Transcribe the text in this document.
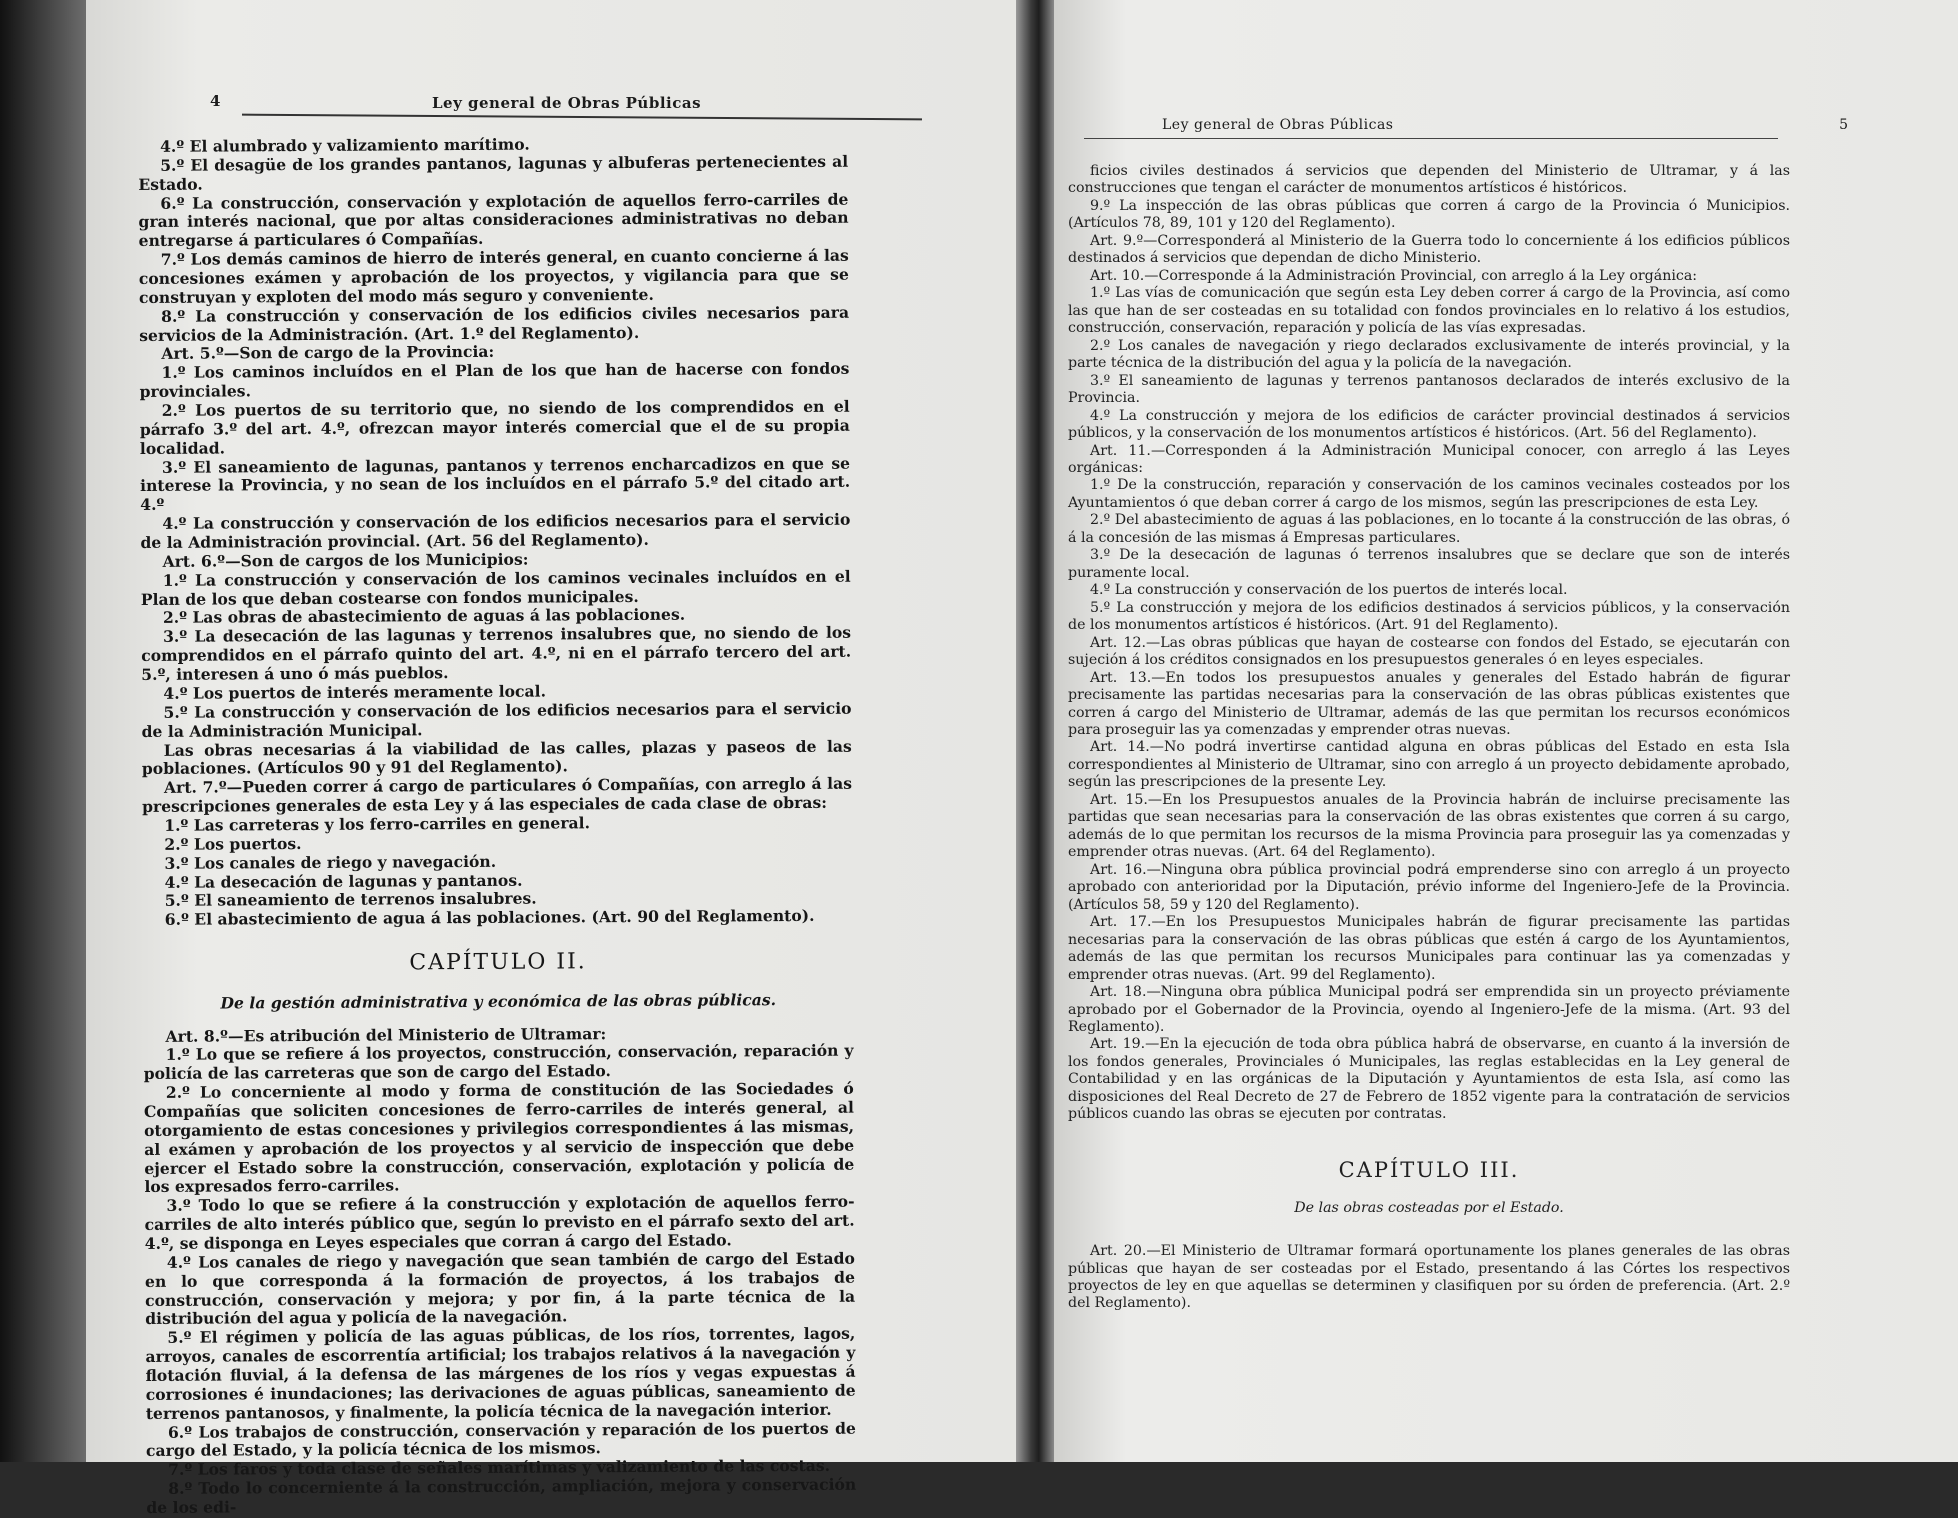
4	Ley general de Obras Públicas

4.º El alumbrado y valizamiento marítimo.

5.º El desagüe de los grandes pantanos, lagunas y albuferas pertenecientes al Estado.

6.º La construcción, conservación y explotación de aquellos ferro-carriles de gran interés nacional, que por altas consideraciones administrativas no deban entregarse á particulares ó Compañías.

7.º Los demás caminos de hierro de interés general, en cuanto concierne á las concesiones exámen y aprobación de los proyectos, y vigilancia para que se construyan y exploten del modo más seguro y conveniente.

8.º La construcción y conservación de los edificios civiles necesarios para servicios de la Administración. (Art. 1.º del Reglamento).

Art. 5.º—Son de cargo de la Provincia:

1.º Los caminos incluídos en el Plan de los que han de hacerse con fondos provinciales.

2.º Los puertos de su territorio que, no siendo de los comprendidos en el párrafo 3.º del art. 4.º, ofrezcan mayor interés comercial que el de su propia localidad.

3.º El saneamiento de lagunas, pantanos y terrenos encharcadizos en que se interese la Provincia, y no sean de los incluídos en el párrafo 5.º del citado art. 4.º

4.º La construcción y conservación de los edificios necesarios para el servicio de la Administración provincial. (Art. 56 del Reglamento).

Art. 6.º—Son de cargos de los Municipios:

1.º La construcción y conservación de los caminos vecinales incluídos en el Plan de los que deban costearse con fondos municipales.

2.º Las obras de abastecimiento de aguas á las poblaciones.

3.º La desecación de las lagunas y terrenos insalubres que, no siendo de los comprendidos en el párrafo quinto del art. 4.º, ni en el párrafo tercero del art. 5.º, interesen á uno ó más pueblos.

4.º Los puertos de interés meramente local.

5.º La construcción y conservación de los edificios necesarios para el servicio de la Administración Municipal.

Las obras necesarias á la viabilidad de las calles, plazas y paseos de las poblaciones. (Artículos 90 y 91 del Reglamento).

Art. 7.º—Pueden correr á cargo de particulares ó Compañías, con arreglo á las prescripciones generales de esta Ley y á las especiales de cada clase de obras:

1.º Las carreteras y los ferro-carriles en general.

2.º Los puertos.

3.º Los canales de riego y navegación.

4.º La desecación de lagunas y pantanos.

5.º El saneamiento de terrenos insalubres.

6.º El abastecimiento de agua á las poblaciones. (Art. 90 del Reglamento).

CAPÍTULO II.

De la gestión administrativa y económica de las obras públicas.

Art. 8.º—Es atribución del Ministerio de Ultramar:

1.º Lo que se refiere á los proyectos, construcción, conservación, reparación y policía de las carreteras que son de cargo del Estado.

2.º Lo concerniente al modo y forma de constitución de las Sociedades ó Compañías que soliciten concesiones de ferro-carriles de interés general, al otorgamiento de estas concesiones y privilegios correspondientes á las mismas, al exámen y aprobación de los proyectos y al servicio de inspección que debe ejercer el Estado sobre la construcción, conservación, explotación y policía de los expresados ferro-carriles.

3.º Todo lo que se refiere á la construcción y explotación de aquellos ferro-carriles de alto interés público que, según lo previsto en el párrafo sexto del art. 4.º, se disponga en Leyes especiales que corran á cargo del Estado.

4.º Los canales de riego y navegación que sean también de cargo del Estado en lo que corresponda á la formación de proyectos, á los trabajos de construcción, conservación y mejora; y por fin, á la parte técnica de la distribución del agua y policía de la navegación.

5.º El régimen y policía de las aguas públicas, de los ríos, torrentes, lagos, arroyos, canales de escorrentía artificial; los trabajos relativos á la navegación y flotación fluvial, á la defensa de las márgenes de los ríos y vegas expuestas á corrosiones é inundaciones; las derivaciones de aguas públicas, saneamiento de terrenos pantanosos, y finalmente, la policía técnica de la navegación interior.

6.º Los trabajos de construcción, conservación y reparación de los puertos de cargo del Estado, y la policía técnica de los mismos.

7.º Los faros y toda clase de señales marítimas y valizamiento de las costas.

8.º Todo lo concerniente á la construcción, ampliación, mejora y conservación de los edi-

Ley general de Obras Públicas	5

ficios civiles destinados á servicios que dependen del Ministerio de Ultramar, y á las construcciones que tengan el carácter de monumentos artísticos é históricos.

9.º La inspección de las obras públicas que corren á cargo de la Provincia ó Municipios. (Artículos 78, 89, 101 y 120 del Reglamento).

Art. 9.º—Corresponderá al Ministerio de la Guerra todo lo concerniente á los edificios públicos destinados á servicios que dependan de dicho Ministerio.

Art. 10.—Corresponde á la Administración Provincial, con arreglo á la Ley orgánica:

1.º Las vías de comunicación que según esta Ley deben correr á cargo de la Provincia, así como las que han de ser costeadas en su totalidad con fondos provinciales en lo relativo á los estudios, construcción, conservación, reparación y policía de las vías expresadas.

2.º Los canales de navegación y riego declarados exclusivamente de interés provincial, y la parte técnica de la distribución del agua y la policía de la navegación.

3.º El saneamiento de lagunas y terrenos pantanosos declarados de interés exclusivo de la Provincia.

4.º La construcción y mejora de los edificios de carácter provincial destinados á servicios públicos, y la conservación de los monumentos artísticos é históricos. (Art. 56 del Reglamento).

Art. 11.—Corresponden á la Administración Municipal conocer, con arreglo á las Leyes orgánicas:

1.º De la construcción, reparación y conservación de los caminos vecinales costeados por los Ayuntamientos ó que deban correr á cargo de los mismos, según las prescripciones de esta Ley.

2.º Del abastecimiento de aguas á las poblaciones, en lo tocante á la construcción de las obras, ó á la concesión de las mismas á Empresas particulares.

3.º De la desecación de lagunas ó terrenos insalubres que se declare que son de interés puramente local.

4.º La construcción y conservación de los puertos de interés local.

5.º La construcción y mejora de los edificios destinados á servicios públicos, y la conservación de los monumentos artísticos é históricos. (Art. 91 del Reglamento).

Art. 12.—Las obras públicas que hayan de costearse con fondos del Estado, se ejecutarán con sujeción á los créditos consignados en los presupuestos generales ó en leyes especiales.

Art. 13.—En todos los presupuestos anuales y generales del Estado habrán de figurar precisamente las partidas necesarias para la conservación de las obras públicas existentes que corren á cargo del Ministerio de Ultramar, además de las que permitan los recursos económicos para proseguir las ya comenzadas y emprender otras nuevas.

Art. 14.—No podrá invertirse cantidad alguna en obras públicas del Estado en esta Isla correspondientes al Ministerio de Ultramar, sino con arreglo á un proyecto debidamente aprobado, según las prescripciones de la presente Ley.

Art. 15.—En los Presupuestos anuales de la Provincia habrán de incluirse precisamente las partidas que sean necesarias para la conservación de las obras existentes que corren á su cargo, además de lo que permitan los recursos de la misma Provincia para proseguir las ya comenzadas y emprender otras nuevas. (Art. 64 del Reglamento).

Art. 16.—Ninguna obra pública provincial podrá emprenderse sino con arreglo á un proyecto aprobado con anterioridad por la Diputación, prévio informe del Ingeniero-Jefe de la Provincia. (Artículos 58, 59 y 120 del Reglamento).

Art. 17.—En los Presupuestos Municipales habrán de figurar precisamente las partidas necesarias para la conservación de las obras públicas que estén á cargo de los Ayuntamientos, además de las que permitan los recursos Municipales para continuar las ya comenzadas y emprender otras nuevas. (Art. 99 del Reglamento).

Art. 18.—Ninguna obra pública Municipal podrá ser emprendida sin un proyecto préviamente aprobado por el Gobernador de la Provincia, oyendo al Ingeniero-Jefe de la misma. (Art. 93 del Reglamento).

Art. 19.—En la ejecución de toda obra pública habrá de observarse, en cuanto á la inversión de los fondos generales, Provinciales ó Municipales, las reglas establecidas en la Ley general de Contabilidad y en las orgánicas de la Diputación y Ayuntamientos de esta Isla, así como las disposiciones del Real Decreto de 27 de Febrero de 1852 vigente para la contratación de servicios públicos cuando las obras se ejecuten por contratas.

CAPÍTULO III.

De las obras costeadas por el Estado.

Art. 20.—El Ministerio de Ultramar formará oportunamente los planes generales de las obras públicas que hayan de ser costeadas por el Estado, presentando á las Córtes los respectivos proyectos de ley en que aquellas se determinen y clasifiquen por su órden de preferencia. (Art. 2.º del Reglamento).
